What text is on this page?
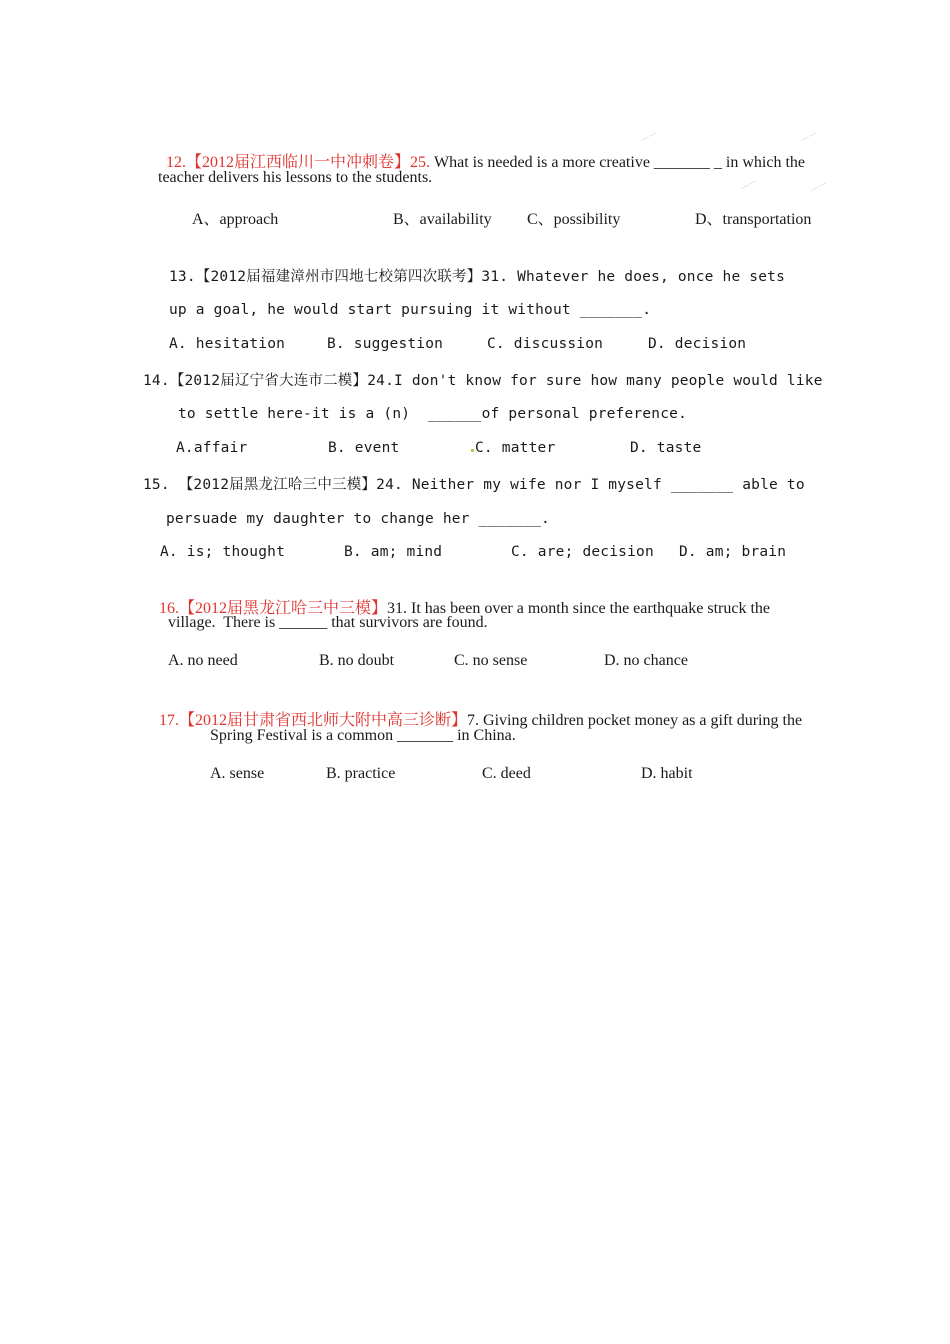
——	——
——	——

12.【2012届江西临川一中冲刺卷】25. What is needed is a more creative _______ _ in which the

teacher delivers his lessons to the students.
A、approach	B、availability C、possibility	D、transportation
13.【2012届福建漳州市四地七校第四次联考】31. Whatever he does, once he sets
up a goal, he would start pursuing it without _______.
A. hesitation	B. suggestion	C. discussion	D. decision
14.【2012届辽宁省大连市二模】24.I don't know for sure how many people would like
to settle here-it is a (n)  ______of personal preference.
A.affair	B. event	C. matter	D. taste
15. 【2012届黑龙江哈三中三模】24. Neither my wife nor I myself _______ able to
persuade my daughter to change her _______.
A. is; thought	B. am; mind	C. are; decision D. am; brain

16.【2012届黑龙江哈三中三模】31. It has been over a month since the earthquake struck the

village.  There is ______ that survivors are found.
A. no need	B. no doubt	C. no sense	D. no chance

17.【2012届甘肃省西北师大附中高三诊断】7. Giving children pocket money as a gift during the

Spring Festival is a common _______ in China.
A. sense	B. practice	C. deed	D. habit
